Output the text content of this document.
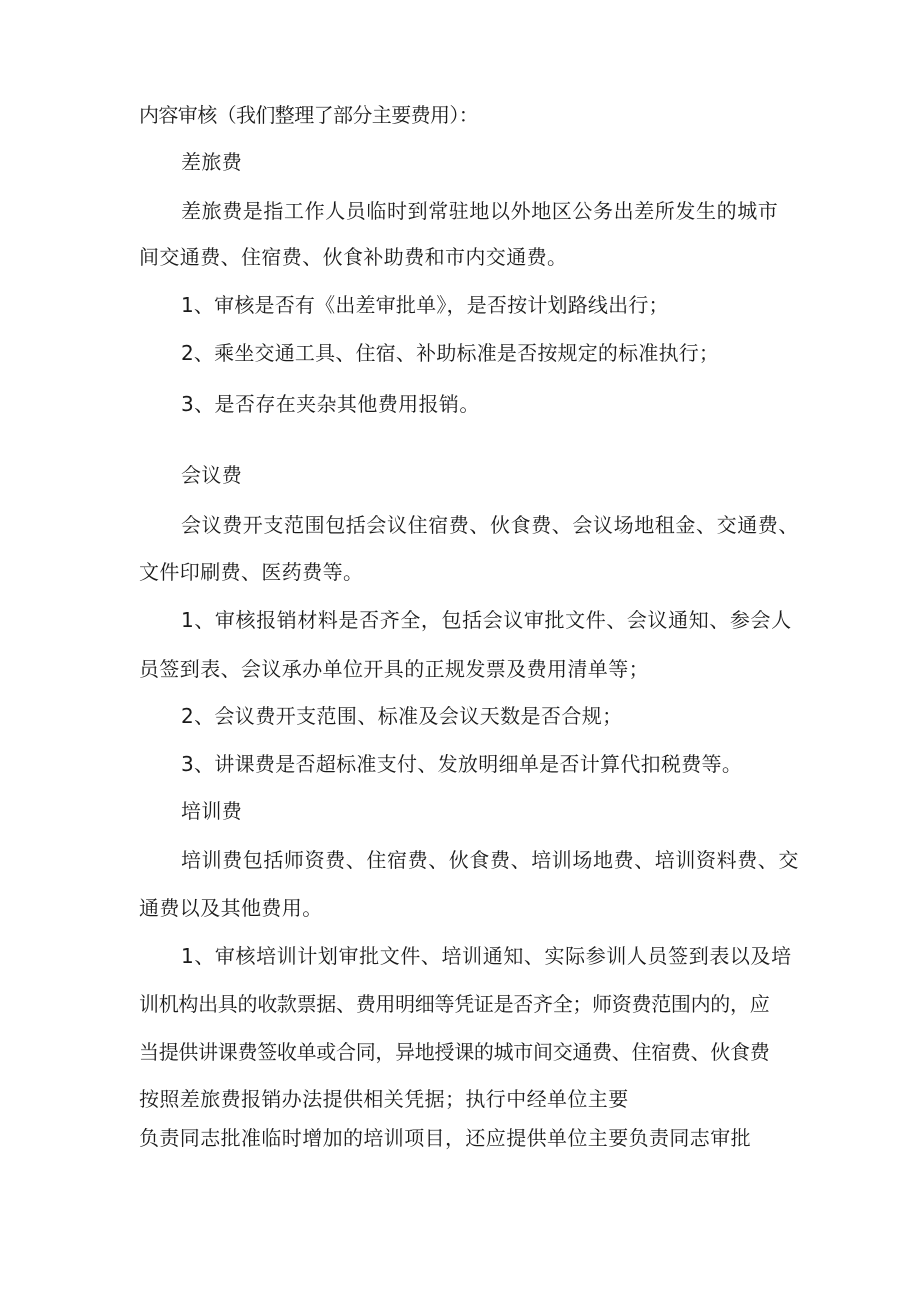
内容审核（我们整理了部分主要费用）：
差旅费
差旅费是指工作人员临时到常驻地以外地区公务出差所发生的城市
间交通费、住宿费、伙食补助费和市内交通费。
1、审核是否有《出差审批单》，是否按计划路线出行；
2、乘坐交通工具、住宿、补助标准是否按规定的标准执行；
3、是否存在夹杂其他费用报销。
会议费
会议费开支范围包括会议住宿费、伙食费、会议场地租金、交通费、
文件印刷费、医药费等。
1、审核报销材料是否齐全，包括会议审批文件、会议通知、参会人
员签到表、会议承办单位开具的正规发票及费用清单等；
2、会议费开支范围、标准及会议天数是否合规；
3、讲课费是否超标准支付、发放明细单是否计算代扣税费等。
培训费
培训费包括师资费、住宿费、伙食费、培训场地费、培训资料费、交
通费以及其他费用。
1、审核培训计划审批文件、培训通知、实际参训人员签到表以及培
训机构出具的收款票据、费用明细等凭证是否齐全；师资费范围内的，应
当提供讲课费签收单或合同，异地授课的城市间交通费、住宿费、伙食费
按照差旅费报销办法提供相关凭据；执行中经单位主要
负责同志批准临时增加的培训项目，还应提供单位主要负责同志审批
